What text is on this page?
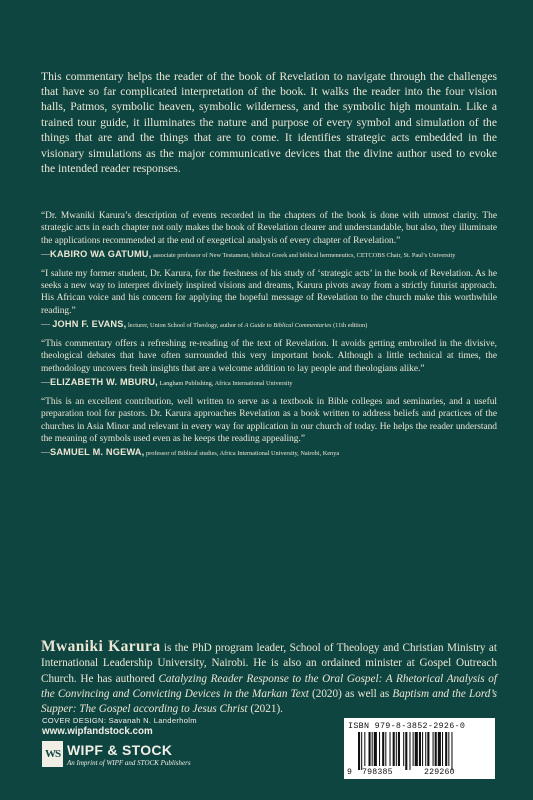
This commentary helps the reader of the book of Revelation to navigate through the challenges that have so far complicated interpretation of the book. It walks the reader into the four vision halls, Patmos, symbolic heaven, symbolic wilderness, and the symbolic high mountain. Like a trained tour guide, it illuminates the nature and purpose of every symbol and simulation of the things that are and the things that are to come. It identifies strategic acts embedded in the visionary simulations as the major communicative devices that the divine author used to evoke the intended reader responses.

“Dr. Mwaniki Karura’s description of events recorded in the chapters of the book is done with utmost clarity. The strategic acts in each chapter not only makes the book of Revelation clearer and understandable, but also, they illuminate the applications recommended at the end of exegetical analysis of every chapter of Revelation.”

—KABIRO WA GATUMU, associate professor of New Testament, biblical Greek and biblical hermeneutics, CETCOBS Chair, St. Paul’s University

“I salute my former student, Dr. Karura, for the freshness of his study of ‘strategic acts’ in the book of Revelation. As he seeks a new way to interpret divinely inspired visions and dreams, Karura pivots away from a strictly futurist approach. His African voice and his concern for applying the hopeful message of Revelation to the church make this worthwhile reading.”

— JOHN F. EVANS, lecturer, Union School of Theology, author of A Guide to Biblical Commentaries (11th edition)

“This commentary offers a refreshing re-reading of the text of Revelation. It avoids getting embroiled in the divisive, theological debates that have often surrounded this very important book. Although a little technical at times, the methodology uncovers fresh insights that are a welcome addition to lay people and theologians alike.”

—ELIZABETH W. MBURU, Langham Publishing, Africa International University

“This is an excellent contribution, well written to serve as a textbook in Bible colleges and seminaries, and a useful preparation tool for pastors. Dr. Karura approaches Revelation as a book written to address beliefs and practices of the churches in Asia Minor and relevant in every way for application in our church of today. He helps the reader understand the meaning of symbols used even as he keeps the reading appealing.”

—SAMUEL M. NGEWA, professor of Biblical studies, Africa International University, Nairobi, Kenya

Mwaniki Karura is the PhD program leader, School of Theology and Christian Ministry at International Leadership University, Nairobi. He is also an ordained minister at Gospel Outreach Church. He has authored Catalyzing Reader Response to the Oral Gospel: A Rhetorical Analysis of the Convincing and Convicting Devices in the Markan Text (2020) as well as Baptism and the Lord’s Supper: The Gospel according to Jesus Christ (2021).

COVER DESIGN: Savanah N. Landerholm
www.wipfandstock.com
WS WIPF & STOCK
An Imprint of WIPF and STOCK Publishers
ISBN 979-8-3852-2926-0
9 798385	229260
